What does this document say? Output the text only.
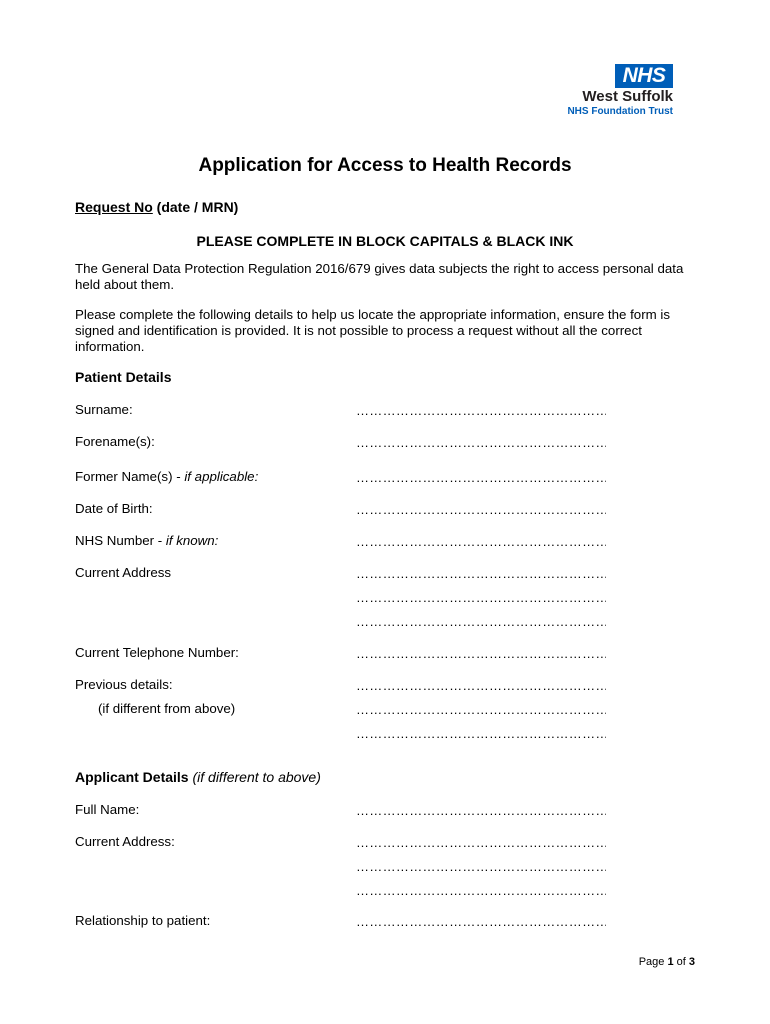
NHS
West Suffolk
NHS Foundation Trust
Application for Access to Health Records
Request No (date / MRN)
PLEASE COMPLETE IN BLOCK CAPITALS & BLACK INK
The General Data Protection Regulation 2016/679 gives data subjects the right to access personal data held about them.
Please complete the following details to help us locate the appropriate information, ensure the form is signed and identification is provided. It is not possible to process a request without all the correct information.
Patient Details
Surname:
……………………………………………………………………
Forename(s):
……………………………………………………………………
Former Name(s) - if applicable:
……………………………………………………………………
Date of Birth:
……………………………………………………………………
NHS Number - if known:
……………………………………………………………………
Current Address
……………………………………………………………………
……………………………………………………………………
……………………………………………………………………
Current Telephone Number:
……………………………………………………………………
Previous details:
……………………………………………………………………
(if different from above)
……………………………………………………………………
……………………………………………………………………
Applicant Details (if different to above)
Full Name:
……………………………………………………………………
Current Address:
……………………………………………………………………
……………………………………………………………………
……………………………………………………………………
Relationship to patient:
……………………………………………………………………
Page 1 of 3
